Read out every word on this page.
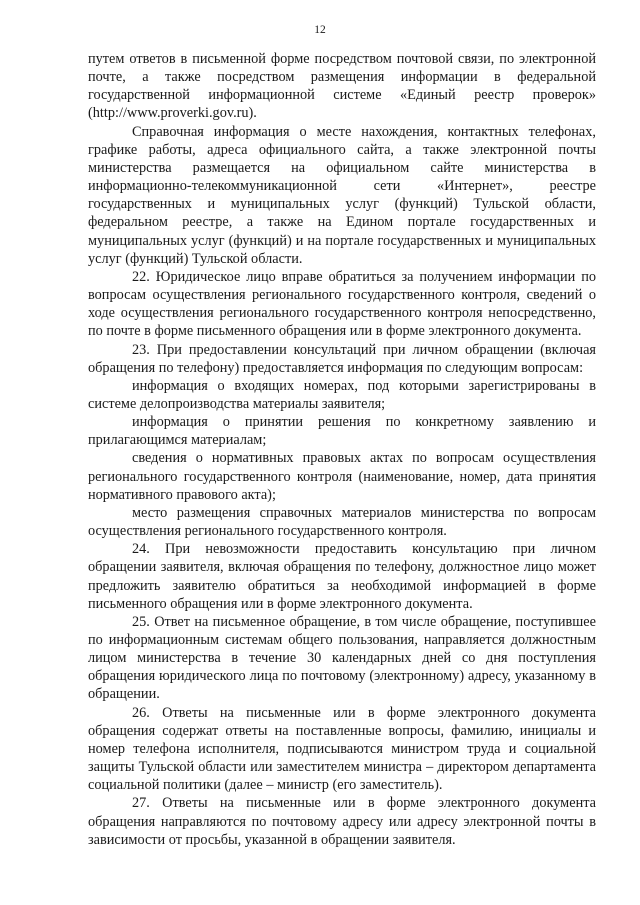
12

путем ответов в письменной форме посредством почтовой связи, по электронной почте, а также посредством размещения информации в федеральной государственной информационной системе «Единый реестр проверок» (http://www.proverki.gov.ru).

Справочная информация о месте нахождения, контактных телефонах, графике работы, адреса официального сайта, а также электронной почты министерства размещается на официальном сайте министерства в информационно-телекоммуникационной сети «Интернет», реестре государственных и муниципальных услуг (функций) Тульской области, федеральном реестре, а также на Едином портале государственных и муниципальных услуг (функций) и на портале государственных и муниципальных услуг (функций) Тульской области.

22. Юридическое лицо вправе обратиться за получением информации по вопросам осуществления регионального государственного контроля, сведений о ходе осуществления регионального государственного контроля непосредственно, по почте в форме письменного обращения или в форме электронного документа.

23. При предоставлении консультаций при личном обращении (включая обращения по телефону) предоставляется информация по следующим вопросам:

информация о входящих номерах, под которыми зарегистрированы в системе делопроизводства материалы заявителя;

информация о принятии решения по конкретному заявлению и прилагающимся материалам;

сведения о нормативных правовых актах по вопросам осуществления регионального государственного контроля (наименование, номер, дата принятия нормативного правового акта);

место размещения справочных материалов министерства по вопросам осуществления регионального государственного контроля.

24. При невозможности предоставить консультацию при личном обращении заявителя, включая обращения по телефону, должностное лицо может предложить заявителю обратиться за необходимой информацией в форме письменного обращения или в форме электронного документа.

25. Ответ на письменное обращение, в том числе обращение, поступившее по информационным системам общего пользования, направляется должностным лицом министерства в течение 30 календарных дней со дня поступления обращения юридического лица по почтовому (электронному) адресу, указанному в обращении.

26. Ответы на письменные или в форме электронного документа обращения содержат ответы на поставленные вопросы, фамилию, инициалы и номер телефона исполнителя, подписываются министром труда и социальной защиты Тульской области или заместителем министра – директором департамента социальной политики (далее – министр (его заместитель).

27. Ответы на письменные или в форме электронного документа обращения направляются по почтовому адресу или адресу электронной почты в зависимости от просьбы, указанной в обращении заявителя.
